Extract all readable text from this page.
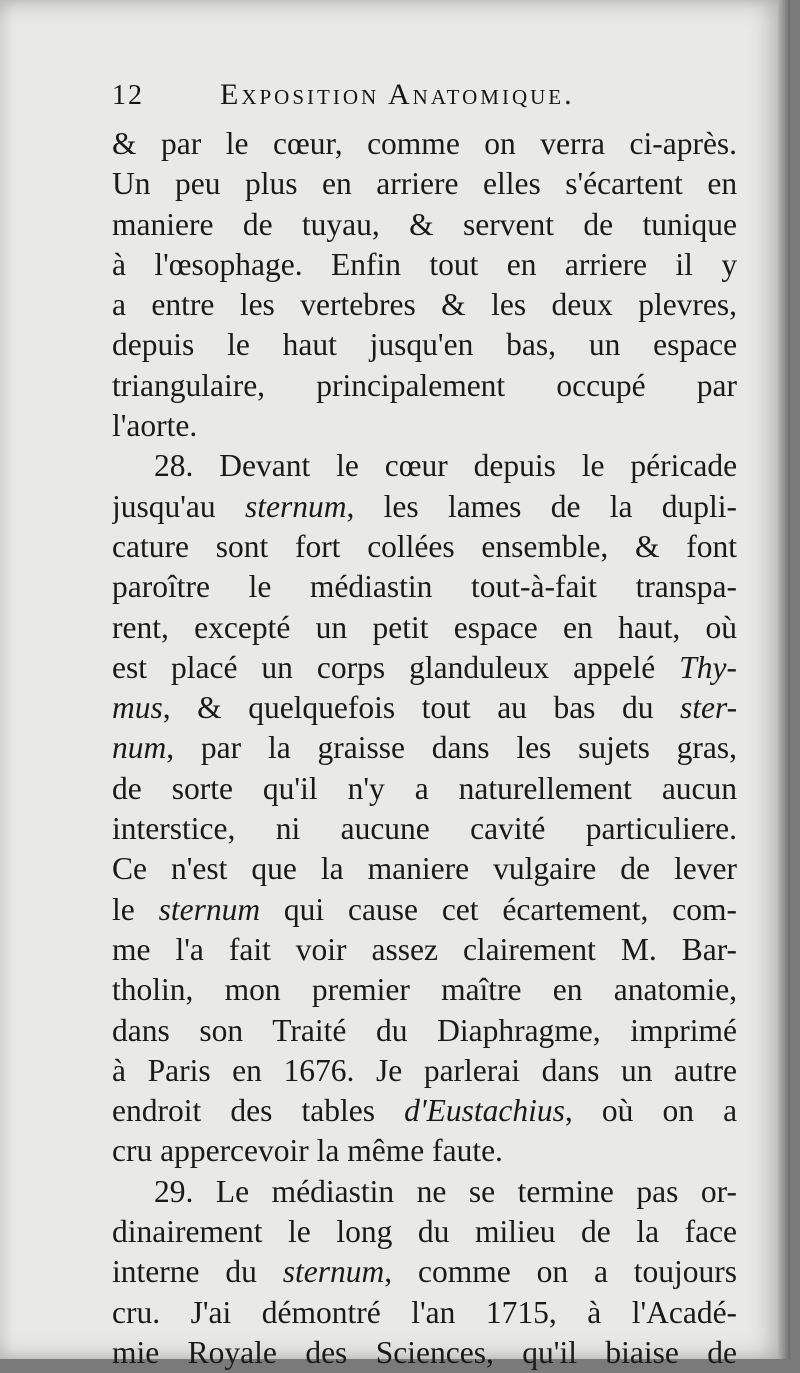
12	Exposition Anatomique.
& par le cœur, comme on verra ci-après.
Un peu plus en arriere elles s'écartent en
maniere de tuyau, & servent de tunique
à l'œsophage. Enfin tout en arriere il y
a entre les vertebres & les deux plevres,
depuis le haut jusqu'en bas, un espace
triangulaire, principalement occupé par
l'aorte.
28. Devant le cœur depuis le péricade
jusqu'au sternum, les lames de la dupli-
cature sont fort collées ensemble, & font
paroître le médiastin tout-à-fait transpa-
rent, excepté un petit espace en haut, où
est placé un corps glanduleux appelé Thy-
mus, & quelquefois tout au bas du ster-
num, par la graisse dans les sujets gras,
de sorte qu'il n'y a naturellement aucun
interstice, ni aucune cavité particuliere.
Ce n'est que la maniere vulgaire de lever
le sternum qui cause cet écartement, com-
me l'a fait voir assez clairement M. Bar-
tholin, mon premier maître en anatomie,
dans son Traité du Diaphragme, imprimé
à Paris en 1676. Je parlerai dans un autre
endroit des tables d'Eustachius, où on a
cru appercevoir la même faute.
29. Le médiastin ne se termine pas or-
dinairement le long du milieu de la face
interne du sternum, comme on a toujours
cru. J'ai démontré l'an 1715, à l'Acadé-
mie Royale des Sciences, qu'il biaise de
